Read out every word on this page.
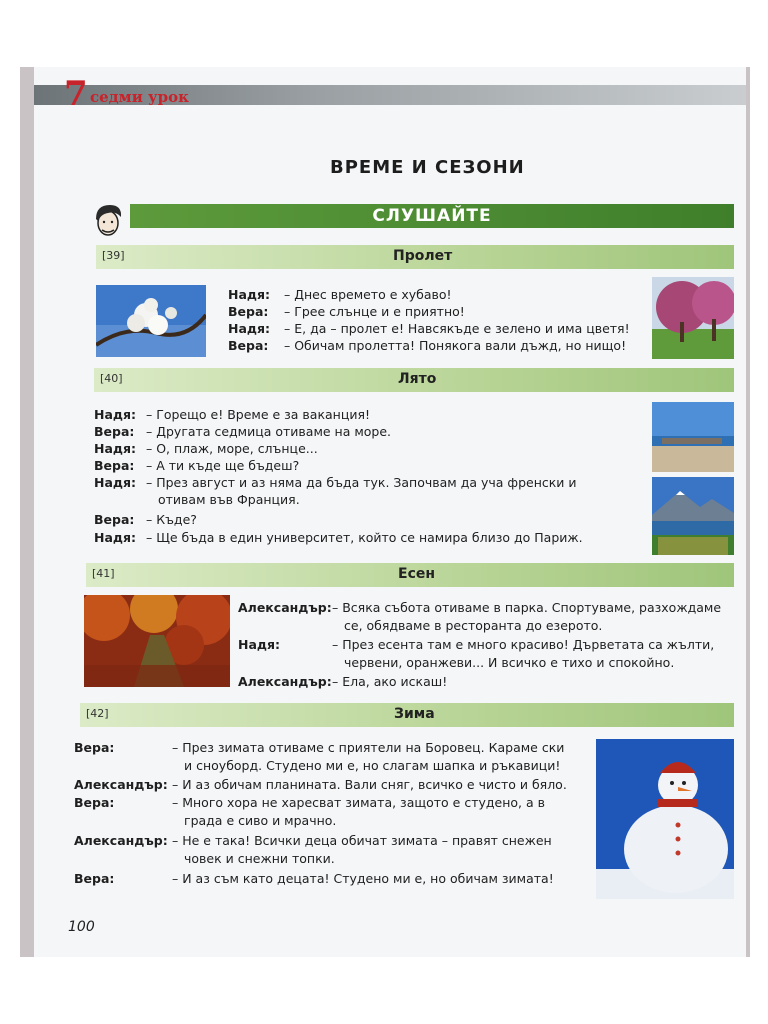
7 седми урок
ВРЕМЕ И СЕЗОНИ
СЛУШАЙТЕ
[39]	Пролет
Надя: – Днес времето е хубаво!
Вера: – Грее слънце и е приятно!
Надя: – Е, да – пролет е! Навсякъде е зелено и има цветя!
Вера: – Обичам пролетта! Понякога вали дъжд, но нищо!
[40]	Лято
Надя: – Горещо е! Време е за ваканция!
Вера: – Другата седмица отиваме на море.
Надя: – О, плаж, море, слънце...
Вера: – А ти къде ще бъдеш?
Надя: – През август и аз няма да бъда тук. Започвам да уча френски и
отивам във Франция.
Вера: – Къде?
Надя: – Ще бъда в един университет, който се намира близо до Париж.
[41]	Есен
Александър: – Всяка събота отиваме в парка. Спортуваме, разхождаме
се, обядваме в ресторанта до езерото.
Надя:	– През есента там е много красиво! Дърветата са жълти,
червени, оранжеви... И всичко е тихо и спокойно.
Александър: – Ела, ако искаш!
[42]	Зима
Вера:	– През зимата отиваме с приятели на Боровец. Караме ски
и сноуборд. Студено ми е, но слагам шапка и ръкавици!
Александър: – И аз обичам планината. Вали сняг, всичко е чисто и бяло.
Вера:	– Много хора не харесват зимата, защото е студено, а в
града е сиво и мрачно.
Александър: – Не е така! Всички деца обичат зимата – правят снежен
човек и снежни топки.
Вера:	– И аз съм като децата! Студено ми е, но обичам зимата!
100
